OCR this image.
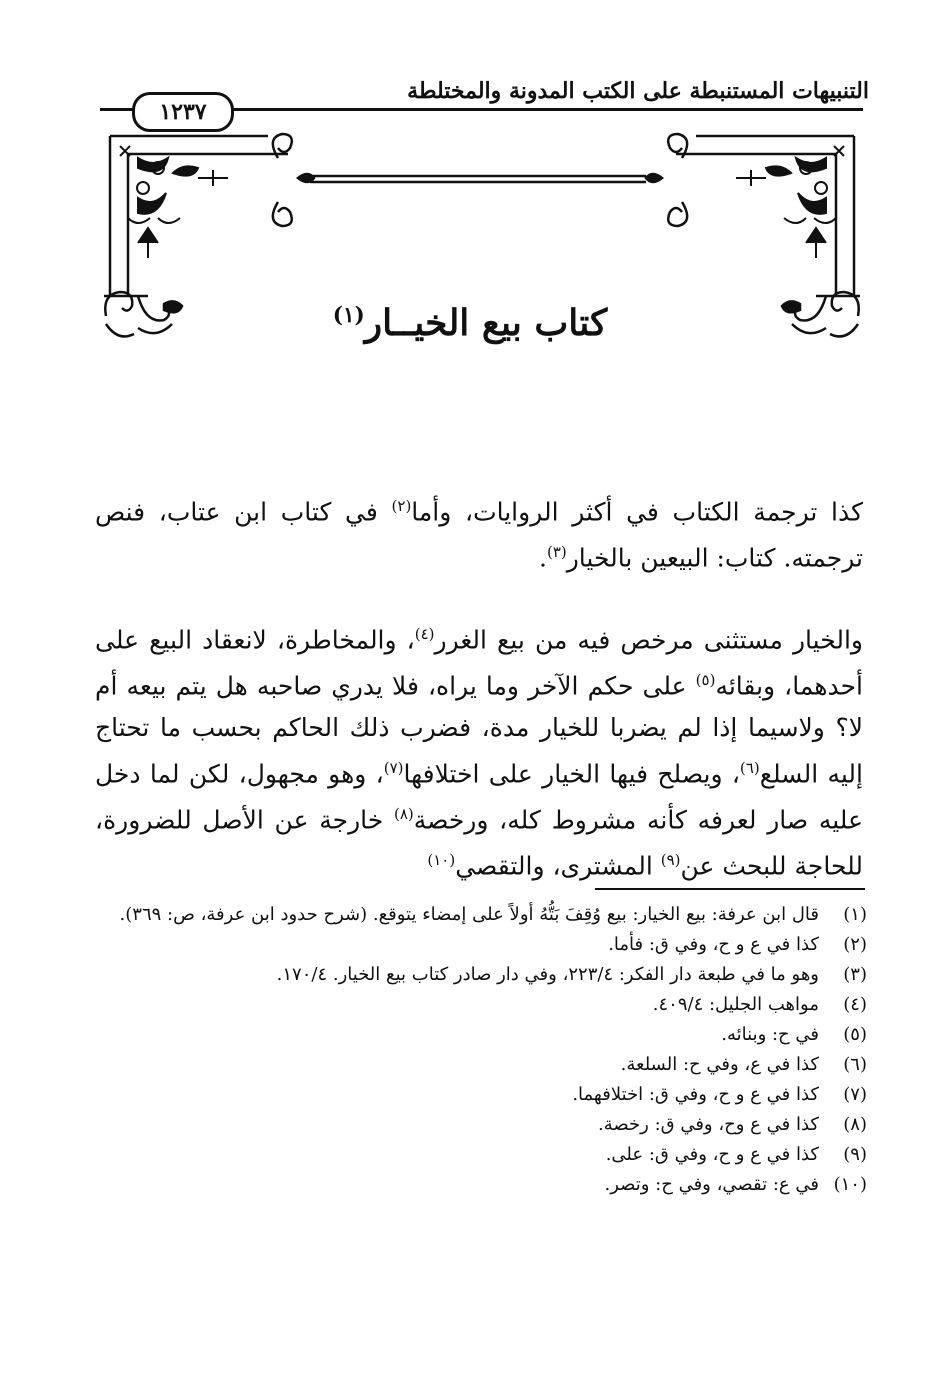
التنبيهات المستنبطة على الكتب المدونة والمختلطة
١٢٣٧
كتاب بيع الخيــار$^{(١)}$
كذا ترجمة الكتاب في أكثر الروايات، وأما$^{(٢)}$ في كتاب ابن عتاب، فنص ترجمته. كتاب: البيعين بالخيار$^{(٣)}$.
والخيار مستثنى مرخص فيه من بيع الغرر$^{(٤)}$، والمخاطرة، لانعقاد البيع على أحدهما، وبقائه$^{(٥)}$ على حكم الآخر وما يراه، فلا يدري صاحبه هل يتم بيعه أم لا؟ ولاسيما إذا لم يضربا للخيار مدة، فضرب ذلك الحاكم بحسب ما تحتاج إليه السلع$^{(٦)}$، ويصلح فيها الخيار على اختلافها$^{(٧)}$، وهو مجهول، لكن لما دخل عليه صار لعرفه كأنه مشروط كله، ورخصة$^{(٨)}$ خارجة عن الأصل للضرورة، للحاجة للبحث عن$^{(٩)}$ المشترى، والتقصي$^{(١٠)}$
(١)
قال ابن عرفة: بيع الخيار: بيع وُقِفَ بَتُّهُ أولاً على إمضاء يتوقع. (شرح حدود ابن عرفة، ص: ٣٦٩).
(٢)
كذا في ع و ح، وفي ق: فأما.
(٣)
وهو ما في طبعة دار الفكر: ٢٢٣/٤، وفي دار صادر كتاب بيع الخيار. ١٧٠/٤.
(٤)
مواهب الجليل: ٤٠٩/٤.
(٥)
في ح: وبنائه.
(٦)
كذا في ع، وفي ح: السلعة.
(٧)
كذا في ع و ح، وفي ق: اختلافهما.
(٨)
كذا في ع وح، وفي ق: رخصة.
(٩)
كذا في ع و ح، وفي ق: على.
(١٠)
في ع: تقصي، وفي ح: وتصر.
